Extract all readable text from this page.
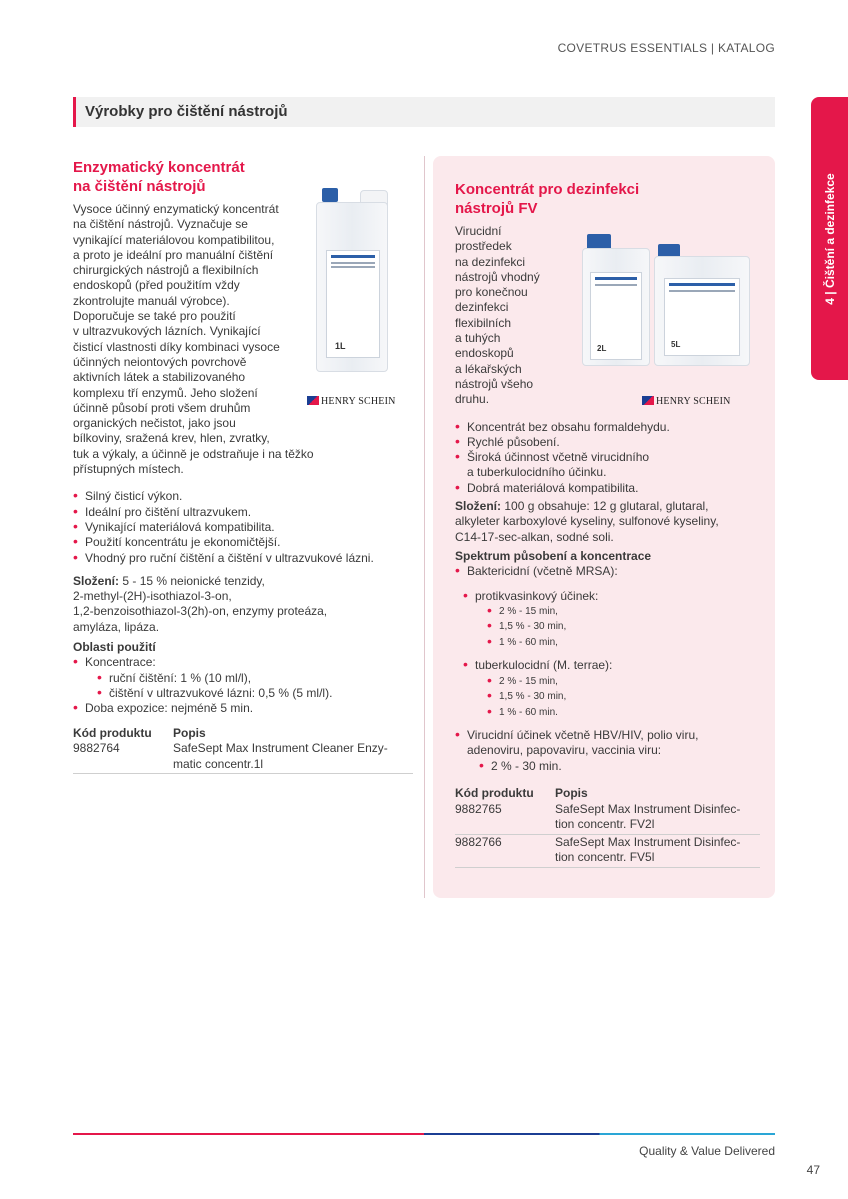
COVETRUS ESSENTIALS | KATALOG
Výrobky pro čištění nástrojů
4 | Čištění a dezinfekce
Enzymatický koncentrát
na čištění nástrojů
Vysoce účinný enzymatický koncentrát
na čištění nástrojů. Vyznačuje se
vynikající materiálovou kompatibilitou,
a proto je ideální pro manuální čištění
chirurgických nástrojů a flexibilních
endoskopů (před použitím vždy
zkontrolujte manuál výrobce).
Doporučuje se také pro použití
v ultrazvukových lázních. Vynikající
čisticí vlastnosti díky kombinaci vysoce
účinných neiontových povrchově
aktivních látek a stabilizovaného
komplexu tří enzymů. Jeho složení
účinně působí proti všem druhům
organických nečistot, jako jsou
bílkoviny, sražená krev, hlen, zvratky,
tuk a výkaly, a účinně je odstraňuje i na těžko
přístupných místech.
• Silný čisticí výkon.
• Ideální pro čištění ultrazvukem.
• Vynikající materiálová kompatibilita.
• Použití koncentrátu je ekonomičtější.
• Vhodný pro ruční čištění a čištění v ultrazvukové lázni.
Složení: 5 - 15 % neionické tenzidy,
2-methyl-(2H)-isothiazol-3-on,
1,2-benzoisothiazol-3(2h)-on, enzymy proteáza,
amyláza, lipáza.
Oblasti použití
• Koncentrace:
• ruční čištění: 1 % (10 ml/l),
• čištění v ultrazvukové lázni: 0,5 % (5 ml/l).
• Doba expozice: nejméně 5 min.
Kód produktu	Popis
9882764	SafeSept Max Instrument Cleaner Enzy-
matic concentr.1l
1L
HENRY SCHEIN
Koncentrát pro dezinfekci
nástrojů FV
Virucidní
prostředek
na dezinfekci
nástrojů vhodný
pro konečnou
dezinfekci
flexibilních
a tuhých
endoskopů
a lékařských
nástrojů všeho
druhu.
• Koncentrát bez obsahu formaldehydu.
• Rychlé působení.
• Široká účinnost včetně virucidního
a tuberkulocidního účinku.
• Dobrá materiálová kompatibilita.
Složení: 100 g obsahuje: 12 g glutaral, glutaral,
alkyleter karboxylové kyseliny, sulfonové kyseliny,
C14-17-sec-alkan, sodné soli.
Spektrum působení a koncentrace
• Baktericidní (včetně MRSA):
• protikvasinkový účinek:
• 2 % - 15 min,
• 1,5 % - 30 min,
• 1 % - 60 min,
• tuberkulocidní (M. terrae):
• 2 % - 15 min,
• 1,5 % - 30 min,
• 1 % - 60 min.
• Virucidní účinek včetně HBV/HIV, polio viru,
adenoviru, papovaviru, vaccinia viru:
• 2 % - 30 min.
Kód produktu	Popis
9882765	SafeSept Max Instrument Disinfec-
tion concentr. FV2l
9882766	SafeSept Max Instrument Disinfec-
tion concentr. FV5l
2L	5L
HENRY SCHEIN
Quality & Value Delivered
47
